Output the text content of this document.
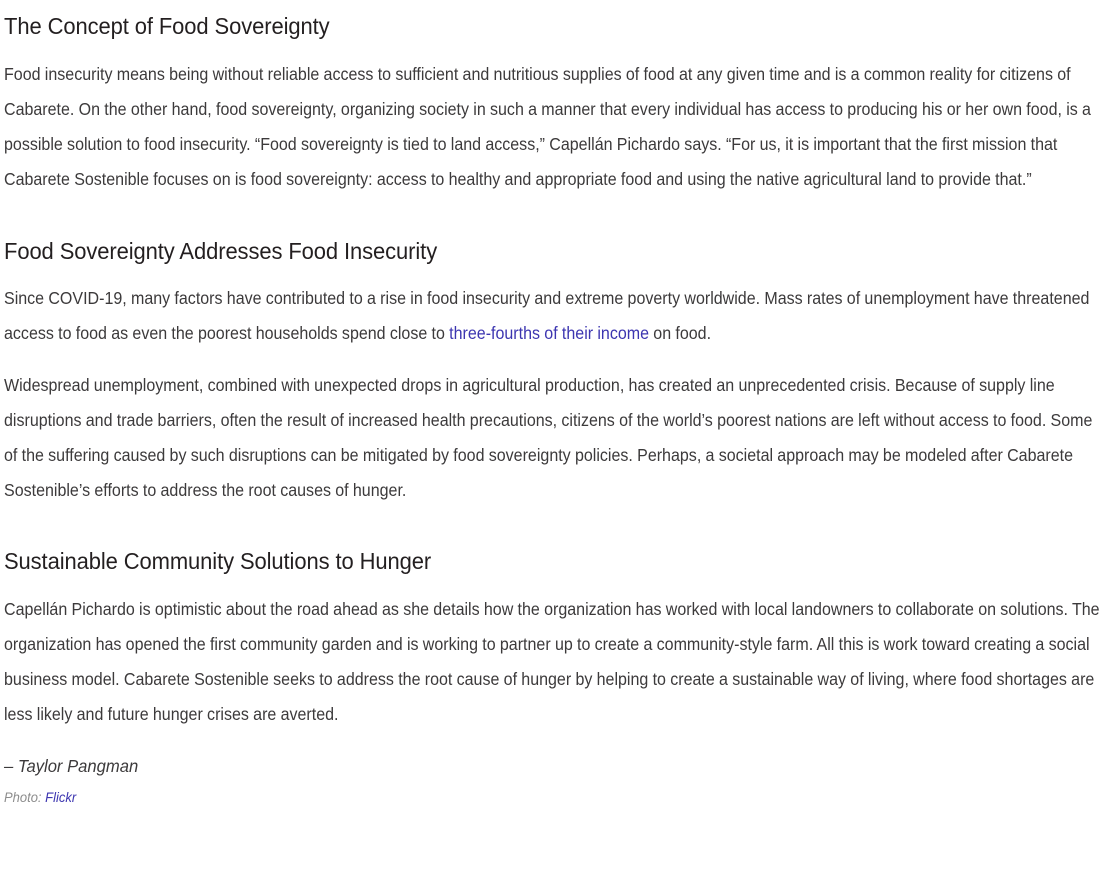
The Concept of Food Sovereignty

Food insecurity means being without reliable access to sufficient and nutritious supplies of food at any given time and is a common reality for citizens of Cabarete. On the other hand, food sovereignty, organizing society in such a manner that every individual has access to producing his or her own food, is a possible solution to food insecurity. “Food sovereignty is tied to land access,” Capellán Pichardo says. “For us, it is important that the first mission that Cabarete Sostenible focuses on is food sovereignty: access to healthy and appropriate food and using the native agricultural land to provide that.”

Food Sovereignty Addresses Food Insecurity

Since COVID-19, many factors have contributed to a rise in food insecurity and extreme poverty worldwide. Mass rates of unemployment have threatened access to food as even the poorest households spend close to three-fourths of their income on food.

Widespread unemployment, combined with unexpected drops in agricultural production, has created an unprecedented crisis. Because of supply line disruptions and trade barriers, often the result of increased health precautions, citizens of the world’s poorest nations are left without access to food. Some of the suffering caused by such disruptions can be mitigated by food sovereignty policies. Perhaps, a societal approach may be modeled after Cabarete Sostenible’s efforts to address the root causes of hunger.

Sustainable Community Solutions to Hunger

Capellán Pichardo is optimistic about the road ahead as she details how the organization has worked with local landowners to collaborate on solutions. The organization has opened the first community garden and is working to partner up to create a community-style farm. All this is work toward creating a social business model. Cabarete Sostenible seeks to address the root cause of hunger by helping to create a sustainable way of living, where food shortages are less likely and future hunger crises are averted.

– Taylor Pangman

Photo: Flickr
